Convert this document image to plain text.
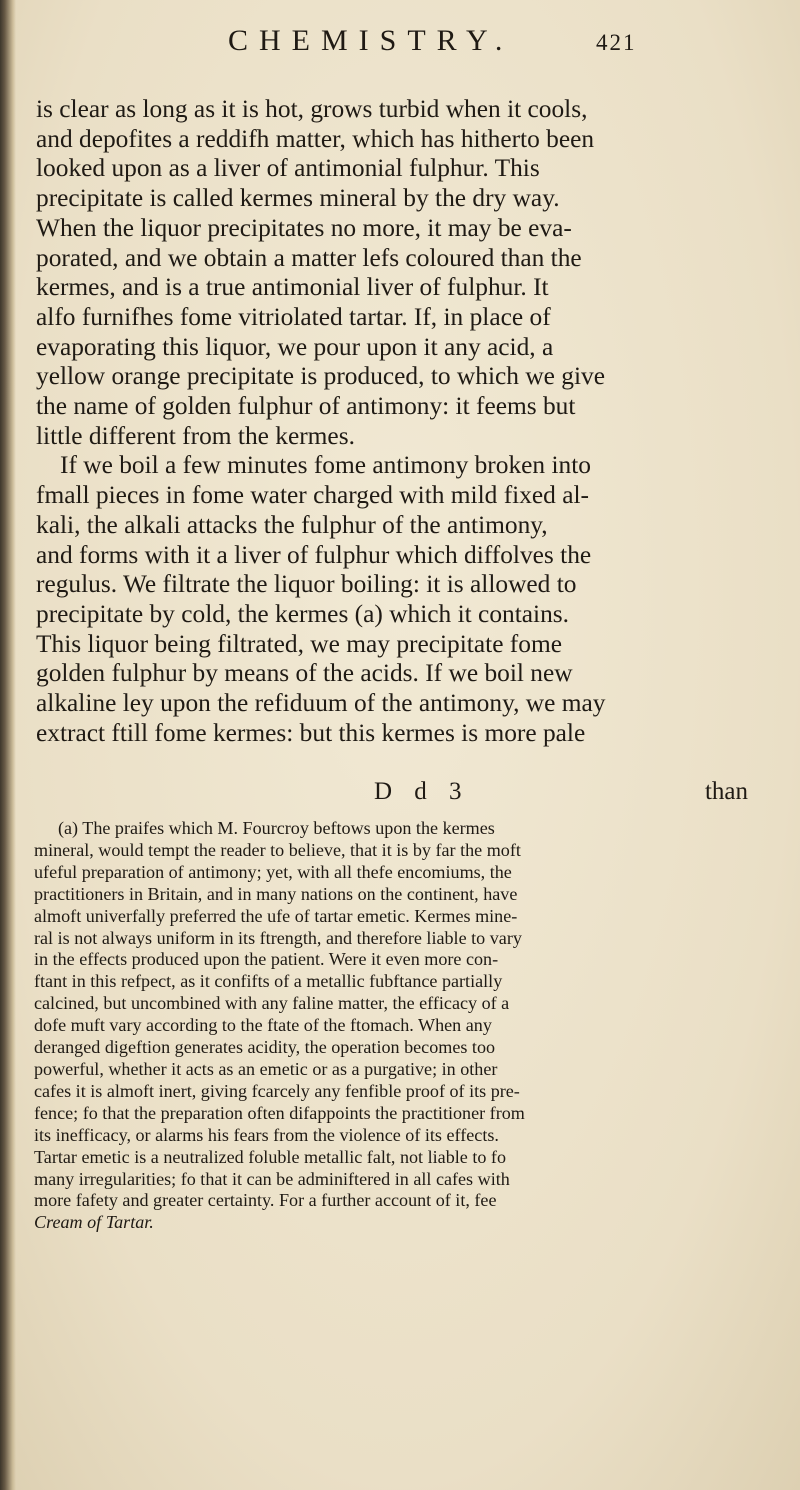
CHEMISTRY.	421
is clear as long as it is hot, grows turbid when it cools,
and depofites a reddifh matter, which has hitherto been
looked upon as a liver of antimonial fulphur. This
precipitate is called kermes mineral by the dry way.
When the liquor precipitates no more, it may be eva-
porated, and we obtain a matter lefs coloured than the
kermes, and is a true antimonial liver of fulphur. It
alfo furnifhes fome vitriolated tartar. If, in place of
evaporating this liquor, we pour upon it any acid, a
yellow orange precipitate is produced, to which we give
the name of golden fulphur of antimony: it feems but
little different from the kermes.
If we boil a few minutes fome antimony broken into
fmall pieces in fome water charged with mild fixed al-
kali, the alkali attacks the fulphur of the antimony,
and forms with it a liver of fulphur which diffolves the
regulus. We filtrate the liquor boiling: it is allowed to
precipitate by cold, the kermes (a) which it contains.
This liquor being filtrated, we may precipitate fome
golden fulphur by means of the acids. If we boil new
alkaline ley upon the refiduum of the antimony, we may
extract ftill fome kermes: but this kermes is more pale
D d 3	than
(a) The praifes which M. Fourcroy beftows upon the kermes
mineral, would tempt the reader to believe, that it is by far the moft
ufeful preparation of antimony; yet, with all thefe encomiums, the
practitioners in Britain, and in many nations on the continent, have
almoft univerfally preferred the ufe of tartar emetic. Kermes mine-
ral is not always uniform in its ftrength, and therefore liable to vary
in the effects produced upon the patient. Were it even more con-
ftant in this refpect, as it confifts of a metallic fubftance partially
calcined, but uncombined with any faline matter, the efficacy of a
dofe muft vary according to the ftate of the ftomach. When any
deranged digeftion generates acidity, the operation becomes too
powerful, whether it acts as an emetic or as a purgative; in other
cafes it is almoft inert, giving fcarcely any fenfible proof of its pre-
fence; fo that the preparation often difappoints the practitioner from
its inefficacy, or alarms his fears from the violence of its effects.
Tartar emetic is a neutralized foluble metallic falt, not liable to fo
many irregularities; fo that it can be adminiftered in all cafes with
more fafety and greater certainty. For a further account of it, fee
Cream of Tartar.
